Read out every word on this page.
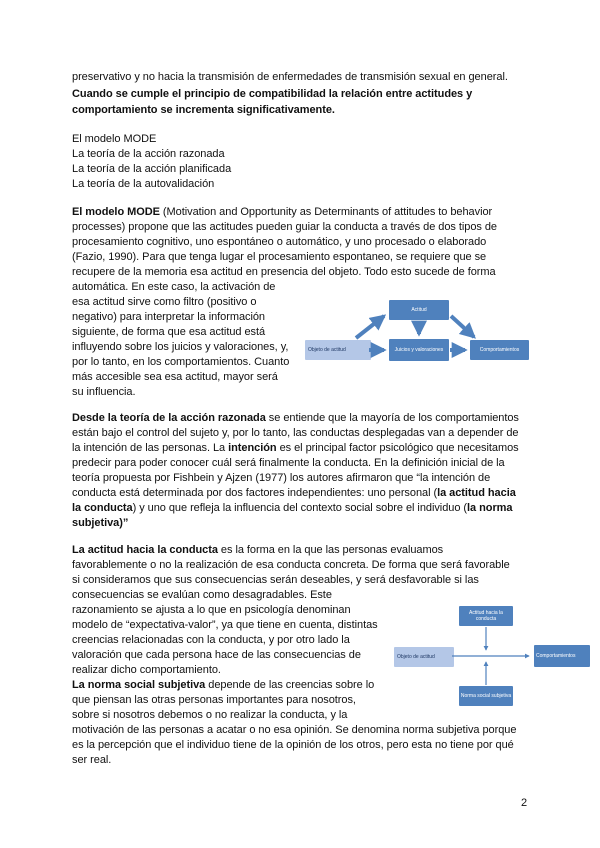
preservativo y no hacia la transmisión de enfermedades de transmisión sexual en general.
Cuando se cumple el principio de compatibilidad la relación entre actitudes y
comportamiento se incrementa significativamente.
El modelo MODE
La teoría de la acción razonada
La teoría de la acción planificada
La teoría de la autovalidación
El modelo MODE (Motivation and Opportunity as Determinants of attitudes to behavior
processes) propone que las actitudes pueden guiar la conducta a través de dos tipos de
procesamiento cognitivo, uno espontáneo o automático, y uno procesado o elaborado
(Fazio, 1990). Para que tenga lugar el procesamiento espontaneo, se requiere que se
recupere de la memoria esa actitud en presencia del objeto. Todo esto sucede de forma
automática. En este caso, la activación de
esa actitud sirve como filtro (positivo o
negativo) para interpretar la información
siguiente, de forma que esa actitud está
influyendo sobre los juicios y valoraciones, y,
por lo tanto, en los comportamientos. Cuanto
más accesible sea esa actitud, mayor será
su influencia.
Desde la teoría de la acción razonada se entiende que la mayoría de los comportamientos
están bajo el control del sujeto y, por lo tanto, las conductas desplegadas van a depender de
la intención de las personas. La intención es el principal factor psicológico que necesitamos
predecir para poder conocer cuál será finalmente la conducta. En la definición inicial de la
teoría propuesta por Fishbein y Ajzen (1977) los autores afirmaron que “la intención de
conducta está determinada por dos factores independientes: uno personal (la actitud hacia
la conducta) y uno que refleja la influencia del contexto social sobre el individuo (la norma
subjetiva)”
La actitud hacia la conducta es la forma en la que las personas evaluamos
favorablemente o no la realización de esa conducta concreta. De forma que será favorable
si consideramos que sus consecuencias serán deseables, y será desfavorable si las
consecuencias se evalúan como desagradables. Este
razonamiento se ajusta a lo que en psicología denominan
modelo de “expectativa-valor”, ya que tiene en cuenta, distintas
creencias relacionadas con la conducta, y por otro lado la
valoración que cada persona hace de las consecuencias de
realizar dicho comportamiento.
La norma social subjetiva depende de las creencias sobre lo
que piensan las otras personas importantes para nosotros,
sobre si nosotros debemos o no realizar la conducta, y la
motivación de las personas a acatar o no esa opinión. Se denomina norma subjetiva porque
es la percepción que el individuo tiene de la opinión de los otros, pero esta no tiene por qué
ser real.
Actitud
Objeto de actitud	Juicios y valoraciones	Comportamientos
Actitud hacia la conducta
Objeto de actitud	Comportamientos
Norma social subjetiva
2
